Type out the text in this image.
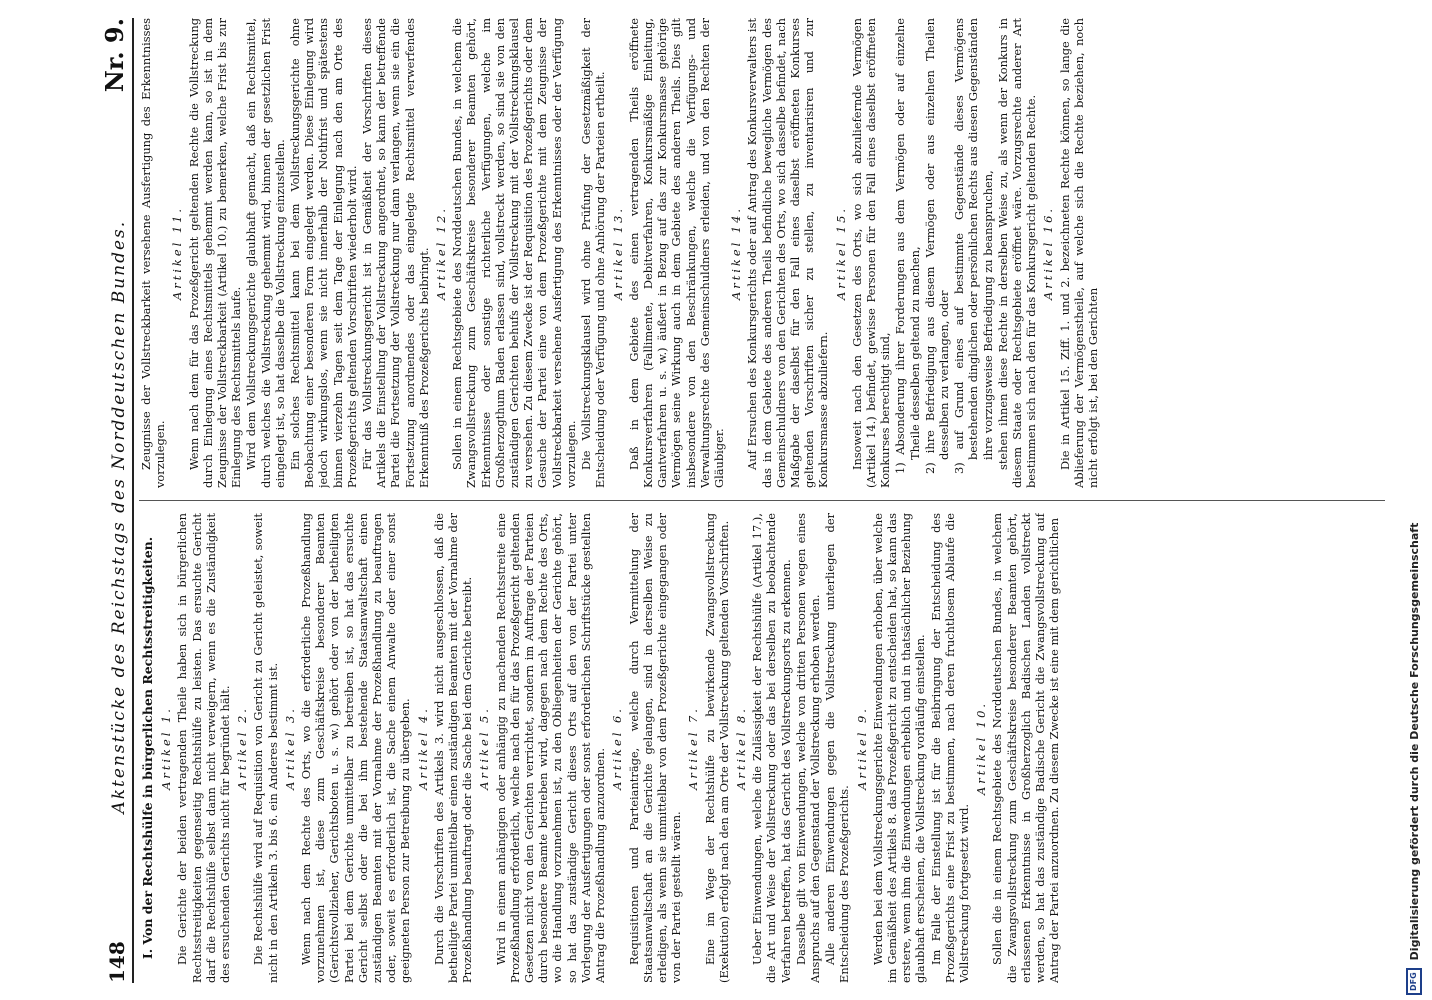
148
Aktenstücke des Reichstags des Norddeutschen Bundes.
Nr. 9.

I. Von der Rechtshülfe in bürgerlichen Rechtsstreitigkeiten. Artikel 1. Die Gerichte der beiden vertragenden Theile haben sich in bürgerlichen Rechtsstreitigkeiten gegenseitig Rechtshülfe zu leisten. Das ersuchte Gericht darf die Rechtshülfe selbst dann nicht verweigern, wenn es die Zuständigkeit des ersuchenden Gerichts nicht für begründet hält. Artikel 2. Die Rechtshülfe wird auf Requisition von Gericht zu Gericht geleistet, soweit nicht in den Artikeln 3. bis 6. ein Anderes bestimmt ist. Artikel 3. Wenn nach dem Rechte des Orts, wo die erforderliche Prozeßhandlung vorzunehmen ist, diese zum Geschäftskreise besonderer Beamten (Gerichtsvollzieher, Gerichtsboten u. s. w.) gehört oder von der betheiligten Partei bei dem Gerichte unmittelbar zu betreiben ist, so hat das ersuchte Gericht selbst oder die bei ihm bestehende Staatsanwaltschaft einen zuständigen Beamten mit der Vornahme der Prozeßhandlung zu beauftragen oder, soweit es erforderlich ist, die Sache einem Anwalte oder einer sonst geeigneten Person zur Betreibung zu übergeben. Artikel 4. Durch die Vorschriften des Artikels 3. wird nicht ausgeschlossen, daß die betheiligte Partei unmittelbar einen zuständigen Beamten mit der Vornahme der Prozeßhandlung beauftragt oder die Sache bei dem Gerichte betreibt. Artikel 5. Wird in einem anhängigen oder anhängig zu machenden Rechtsstreite eine Prozeßhandlung erforderlich, welche nach den für das Prozeßgericht geltenden Gesetzen nicht von den Gerichten verrichtet, sondern im Auftrage der Parteien durch besondere Beamte betrieben wird, dagegen nach dem Rechte des Orts, wo die Handlung vorzunehmen ist, zu den Obliegenheiten der Gerichte gehört, so hat das zuständige Gericht dieses Orts auf den von der Partei unter Vorlegung der Ausfertigungen oder sonst erforderlichen Schriftstücke gestellten Antrag die Prozeßhandlung anzuordnen.

Artikel 6. Requisitionen und Parteianträge, welche durch Vermittelung der Staatsanwaltschaft an die Gerichte gelangen, sind in derselben Weise zu erledigen, als wenn sie unmittelbar von dem Prozeßgerichte eingegangen oder von der Partei gestellt wären.

Artikel 7. Eine im Wege der Rechtshülfe zu bewirkende Zwangsvollstreckung (Exekution) erfolgt nach den am Orte der Vollstreckung geltenden Vorschriften. Artikel 8. Ueber Einwendungen, welche die Zulässigkeit der Rechtshülfe (Artikel 17.), die Art und Weise der Vollstreckung oder das bei derselben zu beobachtende Verfahren betreffen, hat das Gericht des Vollstreckungsorts zu erkennen. Dasselbe gilt von Einwendungen, welche von dritten Personen wegen eines Anspruchs auf den Gegenstand der Vollstreckung erhoben werden. Alle anderen Einwendungen gegen die Vollstreckung unterliegen der Entscheidung des Prozeßgerichts.

Artikel 9. Werden bei dem Vollstreckungsgerichte Einwendungen erhoben, über welche im Gemäßheit des Artikels 8. das Prozeßgericht zu entscheiden hat, so kann das erstere, wenn ihm die Einwendungen erheblich und in thatsächlicher Beziehung glaubhaft erscheinen, die Vollstreckung vorläufig einstellen. Im Falle der Einstellung ist für die Beibringung der Entscheidung des Prozeßgerichts eine Frist zu bestimmen, nach deren fruchtlosem Ablaufe die Vollstreckung fortgesetzt wird.

Artikel 10. Sollen die in einem Rechtsgebiete des Norddeutschen Bundes, in welchem die Zwangsvollstreckung zum Geschäftskreise besonderer Beamten gehört, erlassenen Erkenntnisse in Großherzoglich Badischen Landen vollstreckt werden, so hat das zuständige Badische Gericht die Zwangsvollstreckung auf Antrag der Partei anzuordnen. Zu diesem Zwecke ist eine mit dem gerichtlichen

Zeugnisse der Vollstreckbarkeit versehene Ausfertigung des Erkenntnisses vorzulegen.

Artikel 11. Wenn nach dem für das Prozeßgericht geltenden Rechte die Vollstreckung durch Einlegung eines Rechtsmittels gehemmt werden kann, so ist in dem Zeugnisse der Vollstreckbarkeit (Artikel 10.) zu bemerken, welche Frist bis zur Einlegung des Rechtsmittels laufe. Wird dem Vollstreckungsgerichte glaubhaft gemacht, daß ein Rechtsmittel, durch welches die Vollstreckung gehemmt wird, binnen der gesetzlichen Frist eingelegt ist, so hat dasselbe die Vollstreckung einzustellen. Ein solches Rechtsmittel kann bei dem Vollstreckungsgerichte ohne Beobachtung einer besonderen Form eingelegt werden. Diese Einlegung wird jedoch wirkungslos, wenn sie nicht innerhalb der Nothfrist und spätestens binnen vierzehn Tagen seit dem Tage der Einlegung nach den am Orte des Prozeßgerichts geltenden Vorschriften wiederholt wird. Für das Vollstreckungsgericht ist in Gemäßheit der Vorschriften dieses Artikels die Einstellung der Vollstreckung angeordnet, so kann der betreffende Partei die Fortsetzung der Vollstreckung nur dann verlangen, wenn sie ein die Fortsetzung anordnendes oder das eingelegte Rechtsmittel verwerfendes Erkenntniß des Prozeßgerichts beibringt. Artikel 12. Sollen in einem Rechtsgebiete des Norddeutschen Bundes, in welchem die Zwangsvollstreckung zum Geschäftskreise besonderer Beamten gehört, Erkenntnisse oder sonstige richterliche Verfügungen, welche im Großherzogthum Baden erlassen sind, vollstreckt werden, so sind sie von den zuständigen Gerichten behufs der Vollstreckung mit der Vollstreckungsklausel zu versehen. Zu diesem Zwecke ist der Requisition des Prozeßgerichts oder dem Gesuche der Partei eine von dem Prozeßgerichte mit dem Zeugnisse der Vollstreckbarkeit versehene Ausfertigung des Erkenntnisses oder der Verfügung vorzulegen. Die Vollstreckungsklausel wird ohne Prüfung der Gesetzmäßigkeit der Entscheidung oder Verfügung und ohne Anhörung der Parteien ertheilt. Artikel 13. Daß in dem Gebiete des einen vertragenden Theils eröffnete Konkursverfahren (Fallimente, Debitverfahren, Konkursmäßige Einleitung, Gantverfahren u. s. w.) äußert in Bezug auf das zur Konkursmasse gehörige Vermögen seine Wirkung auch in dem Gebiete des anderen Theils. Dies gilt insbesondere von den Beschränkungen, welche die Verfügungs- und Verwaltungsrechte des Gemeinschuldners erleiden, und von den Rechten der Gläubiger.

Artikel 14. Auf Ersuchen des Konkursgerichts oder auf Antrag des Konkursverwalters ist das in dem Gebiete des anderen Theils befindliche bewegliche Vermögen des Gemeinschuldners von den Gerichten des Orts, wo sich dasselbe befindet, nach Maßgabe der daselbst für den Fall eines daselbst eröffneten Konkurses geltenden Vorschriften sicher zu stellen, zu inventarisiren und zur Konkursmasse abzuliefern.

Artikel 15. Insoweit nach den Gesetzen des Orts, wo sich abzuliefernde Vermögen (Artikel 14.) befindet, gewisse Personen für den Fall eines daselbst eröffneten Konkurses berechtigt sind, 1) Absonderung ihrer Forderungen aus dem Vermögen oder auf einzelne Theile desselben geltend zu machen, 2) ihre Befriedigung aus diesem Vermögen oder aus einzelnen Theilen desselben zu verlangen, oder 3) auf Grund eines auf bestimmte Gegenstände dieses Vermögens bestehenden dinglichen oder persönlichen Rechts aus diesen Gegenständen ihre vorzugsweise Befriedigung zu beanspruchen, stehen ihnen diese Rechte in derselben Weise zu, als wenn der Konkurs in diesem Staate oder Rechtsgebiete eröffnet wäre. Vorzugsrechte anderer Art bestimmen sich nach den für das Konkursgericht geltenden Rechte. Artikel 16. Die in Artikel 15. Ziff. 1. und 2. bezeichneten Rechte können, so lange die Ablieferung der Vermögenstheile, auf welche sich die Rechte beziehen, noch nicht erfolgt ist, bei den Gerichten

DFG
Digitalisierung gefördert durch die Deutsche Forschungsgemeinschaft
